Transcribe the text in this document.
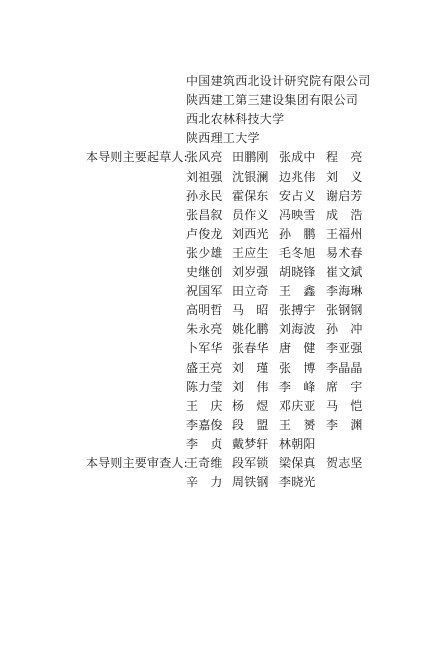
中国建筑西北设计研究院有限公司
陕西建工第三建设集团有限公司
西北农林科技大学
陕西理工大学
本导则主要起草人:
张风亮 田鹏刚 张成中 程　亮
刘祖强 沈银澜 边兆伟 刘　义
孙永民 霍保东 安占义 谢启芳
张昌叙 员作义 冯映雪 成　浩
卢俊龙 刘西光 孙　鹏 王福州
张少雄 王应生 毛冬旭 易术春
史继创 刘岁强 胡晓锋 崔文斌
祝国军 田立奇 王　鑫 李海琳
高明哲 马　昭 张搏宇 张钢钢
朱永亮 姚化鹏 刘海波 孙　冲
卜军华 张春华 唐　健 李亚强
盛王亮 刘　瑾 张　博 李晶晶
陈力莹 刘　伟 李　峰 席　宇
王　庆 杨　煜 邓庆亚 马　恺
李嘉俊 段　盟 王　赟 李　渊
李　贞 戴梦轩 林朝阳
本导则主要审查人:
王奇维 段军锁 梁保真 贺志坚
辛　力 周铁钢 李晓光
